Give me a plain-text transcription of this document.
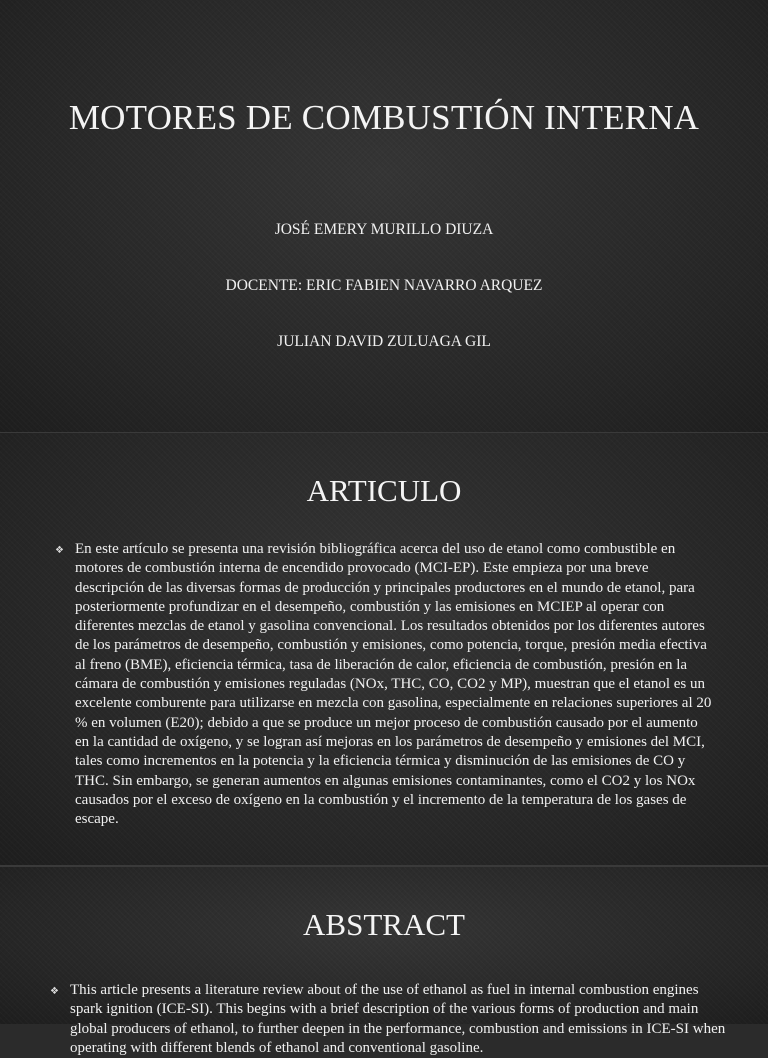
MOTORES DE COMBUSTIÓN INTERNA

JOSÉ EMERY MURILLO DIUZA

DOCENTE: ERIC FABIEN NAVARRO ARQUEZ

JULIAN DAVID ZULUAGA GIL

ARTICULO
❖ En este artículo se presenta una revisión bibliográfica acerca del uso de etanol como combustible en motores de combustión interna de encendido provocado (MCI-EP). Este empieza por una breve descripción de las diversas formas de producción y principales productores en el mundo de etanol, para posteriormente profundizar en el desempeño, combustión y las emisiones en MCIEP al operar con diferentes mezclas de etanol y gasolina convencional. Los resultados obtenidos por los diferentes autores de los parámetros de desempeño, combustión y emisiones, como potencia, torque, presión media efectiva al freno (BME), eficiencia térmica, tasa de liberación de calor, eficiencia de combustión, presión en la cámara de combustión y emisiones reguladas (NOx, THC, CO, CO2 y MP), muestran que el etanol es un excelente comburente para utilizarse en mezcla con gasolina, especialmente en relaciones superiores al 20 % en volumen (E20); debido a que se produce un mejor proceso de combustión causado por el aumento en la cantidad de oxígeno, y se logran así mejoras en los parámetros de desempeño y emisiones del MCI, tales como incrementos en la potencia y la eficiencia térmica y disminución de las emisiones de CO y THC. Sin embargo, se generan aumentos en algunas emisiones contaminantes, como el CO2 y los NOx causados por el exceso de oxígeno en la combustión y el incremento de la temperatura de los gases de escape.
ABSTRACT
❖ This article presents a literature review about of the use of ethanol as fuel in internal combustion engines spark ignition (ICE-SI). This begins with a brief description of the various forms of production and main global producers of ethanol, to further deepen in the performance, combustion and emissions in ICE-SI when operating with different blends of ethanol and conventional gasoline.
